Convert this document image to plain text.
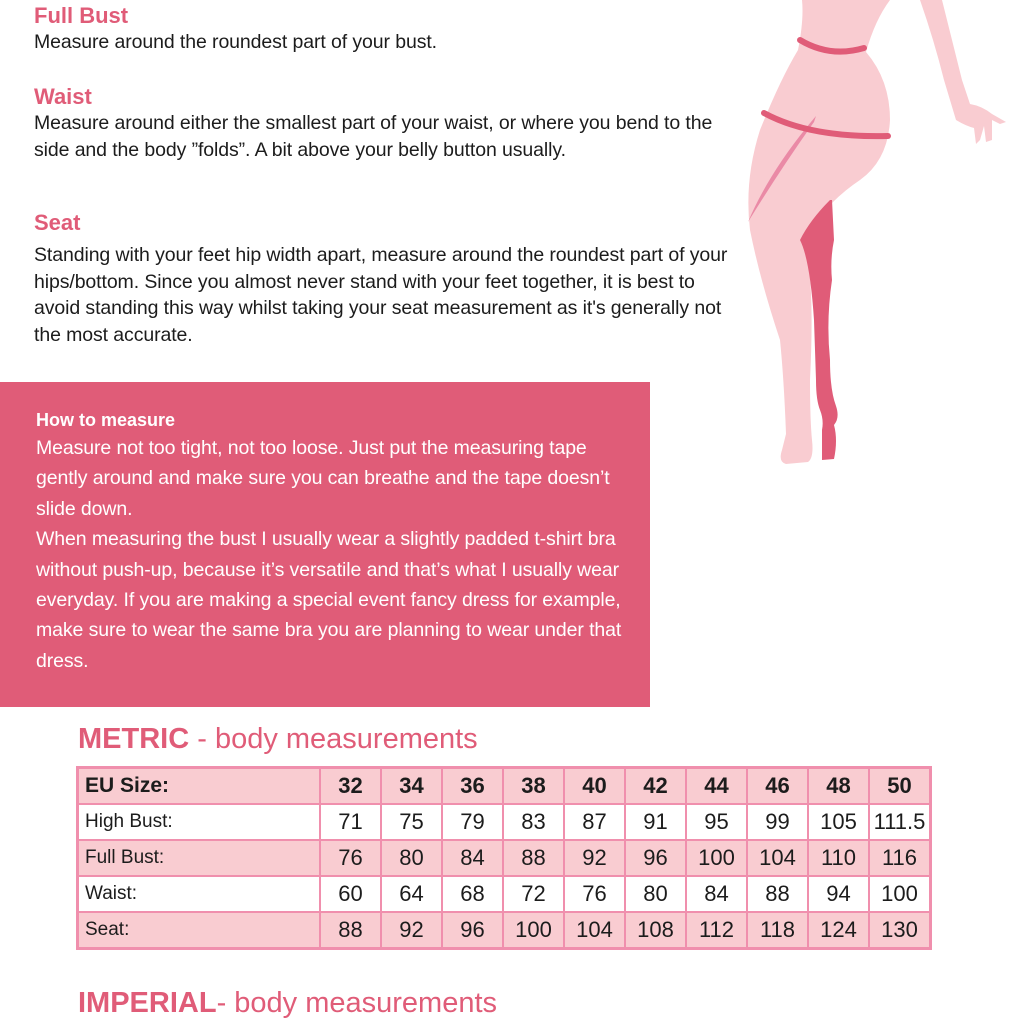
Full Bust

Measure around the roundest part of your bust.

Waist

Measure around either the smallest part of your waist, or where you bend to the side and the body ”folds”. A bit above your belly button usually.

Seat

Standing with your feet hip width apart, measure around the roundest part of your hips/bottom. Since you almost never stand with your feet together, it is best to avoid standing this way whilst taking your seat measurement as it's generally not the most accurate.

How to measure

Measure not too tight, not too loose. Just put the measuring tape gently around and make sure you can breathe and the tape doesn’t slide down.

When measuring the bust I usually wear a slightly padded t-shirt bra without push-up, because it’s versatile and that’s what I usually wear everyday. If you are making a special event fancy dress for example, make sure to wear the same bra you are planning to wear under that dress.

METRIC - body measurements
EU Size:	32	34	36	38	40	42	44	46	48	50
High Bust:	71	75	79	83	87	91	95	99	105	111.5
Full Bust:	76	80	84	88	92	96	100	104	110	116
Waist:	60	64	68	72	76	80	84	88	94	100
Seat:	88	92	96	100	104	108	112	118	124	130
IMPERIAL- body measurements
